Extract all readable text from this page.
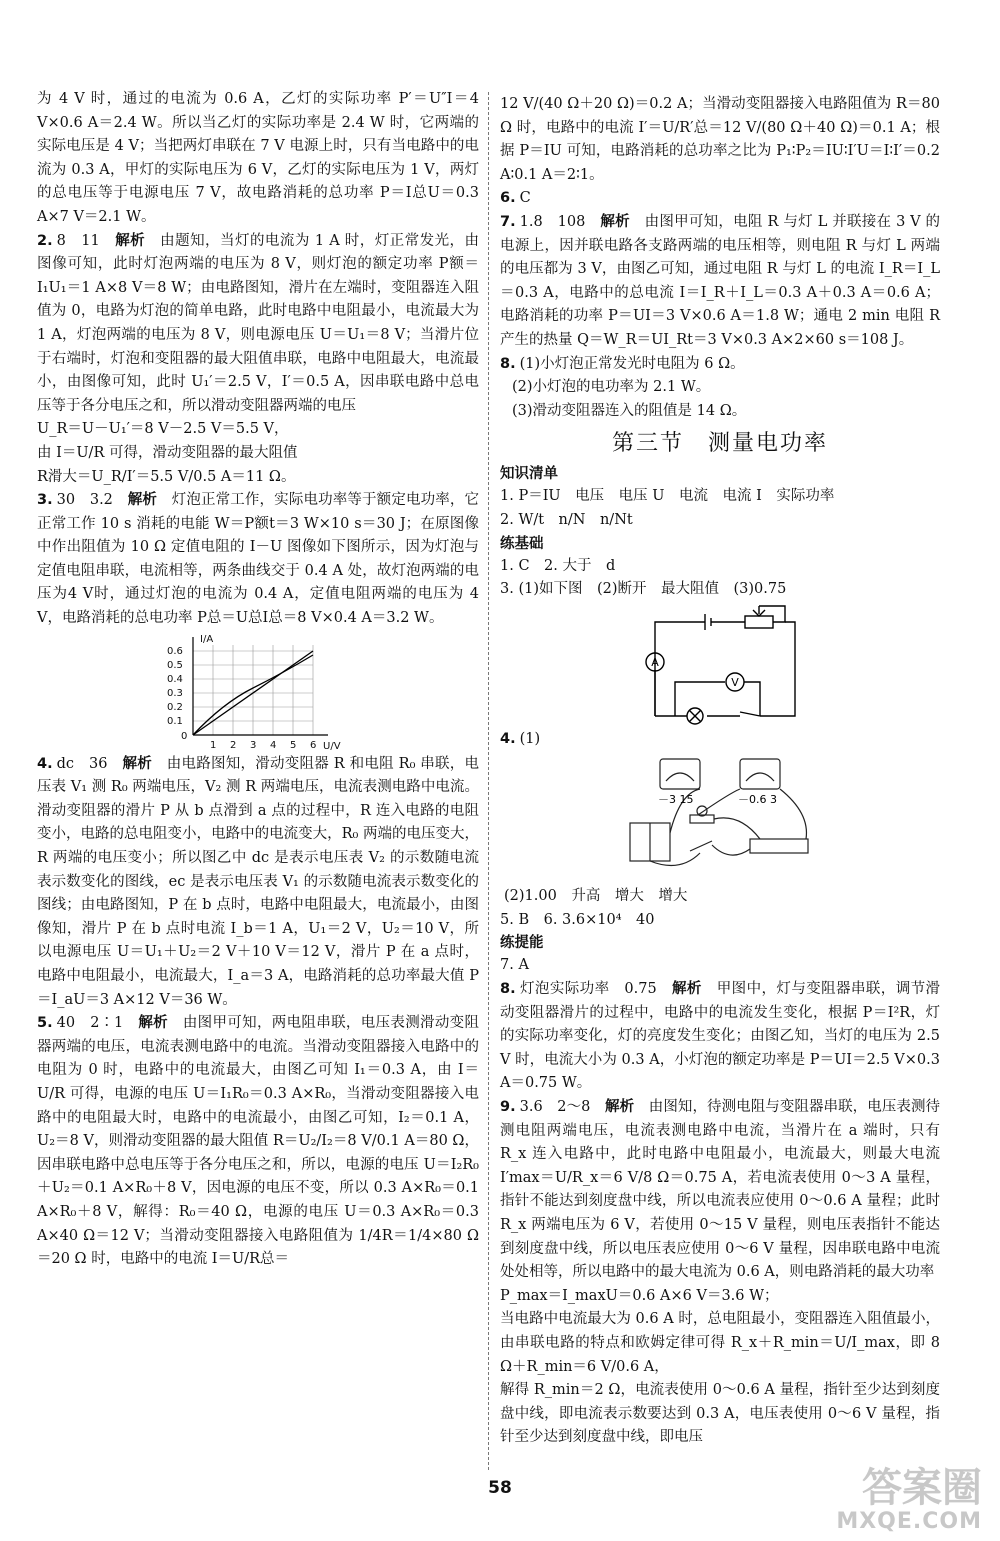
为 4 V 时，通过的电流为 0.6 A，乙灯的实际功率 P′＝U″I＝4 V×0.6 A＝2.4 W。所以当乙灯的实际功率是 2.4 W 时，它两端的实际电压是 4 V；当把两灯串联在 7 V 电源上时，只有当电路中的电流为 0.3 A，甲灯的实际电压为 6 V，乙灯的实际电压为 1 V，两灯的总电压等于电源电压 7 V，故电路消耗的总功率 P＝I总U＝0.3 A×7 V＝2.1 W。

2. 8　11　 解析　 由题知，当灯的电流为 1 A 时，灯正常发光，由图像可知，此时灯泡两端的电压为 8 V，则灯泡的额定功率 P额＝I₁U₁＝1 A×8 V＝8 W；由电路图知，滑片在左端时，变阻器连入阻值为 0，电路为灯泡的简单电路，此时电路中电阻最小，电流最大为 1 A，灯泡两端的电压为 8 V，则电源电压 U＝U₁＝8 V；当滑片位于右端时，灯泡和变阻器的最大阻值串联，电路中电阻最大，电流最小，由图像可知，此时 U₁′＝2.5 V，I′＝0.5 A，因串联电路中总电压等于各分电压之和，所以滑动变阻器两端的电压

U_R＝U－U₁′＝8 V－2.5 V＝5.5 V，

由 I＝U/R 可得，滑动变阻器的最大阻值

R滑大＝U_R/I′＝5.5 V/0.5 A＝11 Ω。

3. 30　3.2　 解析　 灯泡正常工作，实际电功率等于额定电功率，它正常工作 10 s 消耗的电能 W＝P额t＝3 W×10 s＝30 J；在原图像中作出阻值为 10 Ω 定值电阻的 I－U 图像如下图所示，因为灯泡与定值电阻串联，电流相等，两条曲线交于 0.4 A 处，故灯泡两端的电压为4 V时，通过灯泡的电流为 0.4 A，定值电阻两端的电压为 4 V，电路消耗的总电功率 P总＝U总I总＝8 V×0.4 A＝3.2 W。

I/A
U/V
0.6
0.5
0.4
0.3
0.2
0.1
0
1 2 3 4 5 6

4. dc　36　 解析　 由电路图知，滑动变阻器 R 和电阻 R₀ 串联，电压表 V₁ 测 R₀ 两端电压，V₂ 测 R 两端电压，电流表测电路中电流。滑动变阻器的滑片 P 从 b 点滑到 a 点的过程中，R 连入电路的电阻变小，电路的总电阻变小，电路中的电流变大，R₀ 两端的电压变大，R 两端的电压变小；所以图乙中 dc 是表示电压表 V₂ 的示数随电流表示数变化的图线，ec 是表示电压表 V₁ 的示数随电流表示数变化的图线；由电路图知，P 在 b 点时，电路中电阻最大，电流最小，由图像知，滑片 P 在 b 点时电流 I_b＝1 A，U₁＝2 V，U₂＝10 V，所以电源电压 U＝U₁＋U₂＝2 V＋10 V＝12 V，滑片 P 在 a 点时，电路中电阻最小，电流最大，I_a＝3 A，电路消耗的总功率最大值 P＝I_aU＝3 A×12 V＝36 W。

5. 40　2∶1　 解析　 由图甲可知，两电阻串联，电压表测滑动变阻器两端的电压，电流表测电路中的电流。当滑动变阻器接入电路中的电阻为 0 时，电路中的电流最大，由图乙可知 I₁＝0.3 A，由 I＝U/R 可得，电源的电压 U＝I₁R₀＝0.3 A×R₀，当滑动变阻器接入电路中的电阻最大时，电路中的电流最小，由图乙可知，I₂＝0.1 A，U₂＝8 V，则滑动变阻器的最大阻值 R＝U₂/I₂＝8 V/0.1 A＝80 Ω，因串联电路中总电压等于各分电压之和，所以，电源的电压 U＝I₂R₀＋U₂＝0.1 A×R₀＋8 V，因电源的电压不变，所以 0.3 A×R₀＝0.1 A×R₀＋8 V，解得：R₀＝40 Ω，电源的电压 U＝0.3 A×R₀＝0.3 A×40 Ω＝12 V；当滑动变阻器接入电路阻值为 1/4R＝1/4×80 Ω＝20 Ω 时，电路中的电流 I＝U/R总＝

12 V/(40 Ω＋20 Ω)＝0.2 A；当滑动变阻器接入电路阻值为 R＝80 Ω 时，电路中的电流 I′＝U/R′总＝12 V/(80 Ω＋40 Ω)＝0.1 A；根据 P＝IU 可知，电路消耗的总功率之比为 P₁∶P₂＝IU∶I′U＝I∶I′＝0.2 A∶0.1 A＝2∶1。

6. C

7. 1.8　108　 解析　 由图甲可知，电阻 R 与灯 L 并联接在 3 V 的电源上，因并联电路各支路两端的电压相等，则电阻 R 与灯 L 两端的电压都为 3 V，由图乙可知，通过电阻 R 与灯 L 的电流 I_R＝I_L＝0.3 A，电路中的总电流 I＝I_R＋I_L＝0.3 A＋0.3 A＝0.6 A；电路消耗的功率 P＝UI＝3 V×0.6 A＝1.8 W；通电 2 min 电阻 R 产生的热量 Q＝W_R＝UI_Rt＝3 V×0.3 A×2×60 s＝108 J。

8. (1)小灯泡正常发光时电阻为 6 Ω。

(2)小灯泡的电功率为 2.1 W。

(3)滑动变阻器连入的阻值是 14 Ω。

第三节　测量电功率

知识清单

1. P＝IU　电压　电压 U　电流　电流 I　实际功率

2. W/t　n/N　n/Nt

练基础

1. C　2. 大于　d

3. (1)如下图　(2)断开　最大阻值　(3)0.75

A
V

4. (1)

－3 15	－0.6 3

(2)1.00　升高　增大　增大

5. B　6. 3.6×10⁴　40

练提能

7. A

8. 灯泡实际功率　0.75　 解析　 甲图中，灯与变阻器串联，调节滑动变阻器滑片的过程中，电路中的电流发生变化，根据 P＝I²R，灯的实际功率变化，灯的亮度发生变化；由图乙知，当灯的电压为 2.5 V 时，电流大小为 0.3 A，小灯泡的额定功率是 P＝UI＝2.5 V×0.3 A＝0.75 W。

9. 3.6　2～8　 解析　 由图知，待测电阻与变阻器串联，电压表测待测电阻两端电压，电流表测电路中电流，当滑片在 a 端时，只有 R_x 连入电路中，此时电路中电阻最小，电流最大，则最大电流 I′max＝U/R_x＝6 V/8 Ω＝0.75 A，若电流表使用 0～3 A 量程，指针不能达到刻度盘中线，所以电流表应使用 0～0.6 A 量程；此时 R_x 两端电压为 6 V，若使用 0～15 V 量程，则电压表指针不能达到刻度盘中线，所以电压表应使用 0～6 V 量程，因串联电路中电流处处相等，所以电路中的最大电流为 0.6 A，则电路消耗的最大功率

P_max＝I_maxU＝0.6 A×6 V＝3.6 W；

当电路中电流最大为 0.6 A 时，总电阻最小，变阻器连入阻值最小，由串联电路的特点和欧姆定律可得 R_x＋R_min＝U/I_max，即 8 Ω＋R_min＝6 V/0.6 A，

解得 R_min＝2 Ω，电流表使用 0～0.6 A 量程，指针至少达到刻度盘中线，即电流表示数要达到 0.3 A，电压表使用 0～6 V 量程，指针至少达到刻度盘中线，即电压

58	答案圈
MXQE.COM
